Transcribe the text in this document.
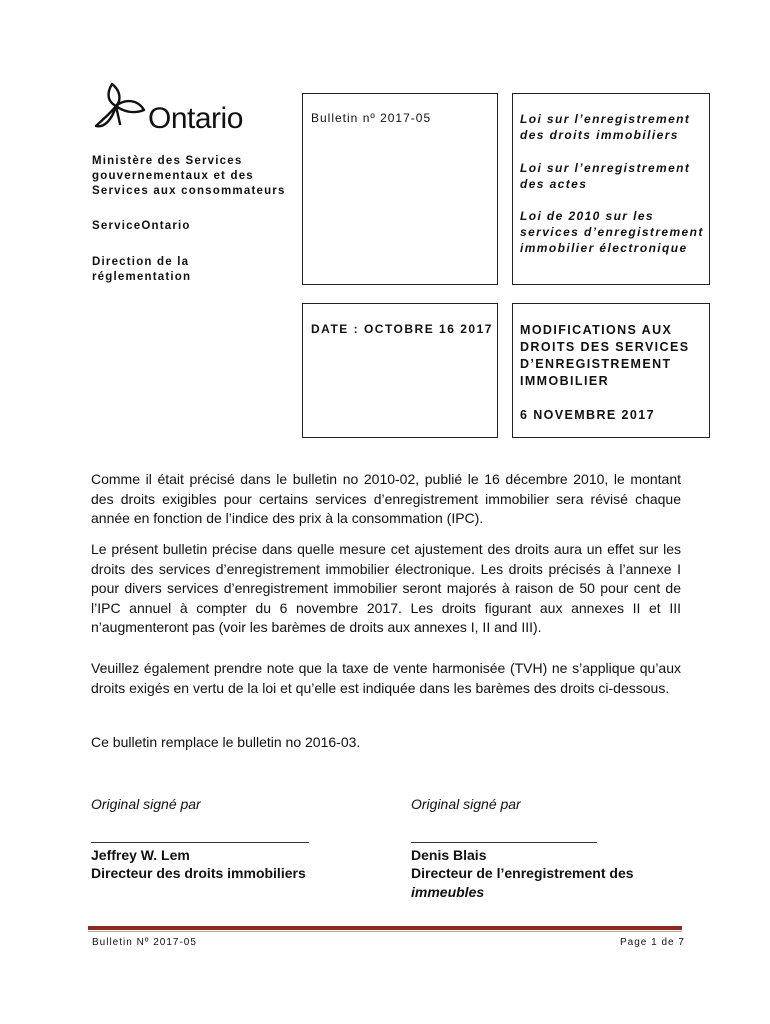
Ontario
Ministère des Services gouvernementaux et des Services aux consommateurs
ServiceOntario
Direction de la réglementation
Bulletin nº 2017-05	Loi sur l’enregistrement des droits immobiliers
Loi sur l’enregistrement des actes
Loi de 2010 sur les services d’enregistrement immobilier électronique
DATE : OCTOBRE 16 2017 MODIFICATIONS AUX DROITS DES SERVICES D’ENREGISTREMENT IMMOBILIER
6 NOVEMBRE 2017
Comme il était précisé dans le bulletin no 2010-02, publié le 16 décembre 2010, le montant des droits exigibles pour certains services d’enregistrement immobilier sera révisé chaque année en fonction de l’indice des prix à la consommation (IPC).
Le présent bulletin précise dans quelle mesure cet ajustement des droits aura un effet sur les droits des services d’enregistrement immobilier électronique. Les droits précisés à l’annexe I pour divers services d’enregistrement immobilier seront majorés à raison de 50 pour cent de l’IPC annuel à compter du 6 novembre 2017. Les droits figurant aux annexes II et III n’augmenteront pas (voir les barèmes de droits aux annexes I, II and III).
Veuillez également prendre note que la taxe de vente harmonisée (TVH) ne s’applique qu’aux droits exigés en vertu de la loi et qu’elle est indiquée dans les barèmes des droits ci-dessous.
Ce bulletin remplace le bulletin no 2016-03.
Original signé par
Jeffrey W. Lem
Directeur des droits immobiliers
Original signé par
Denis Blais
Directeur de l’enregistrement des
immeubles
Bulletin Nº 2017-05	Page 1 de 7
